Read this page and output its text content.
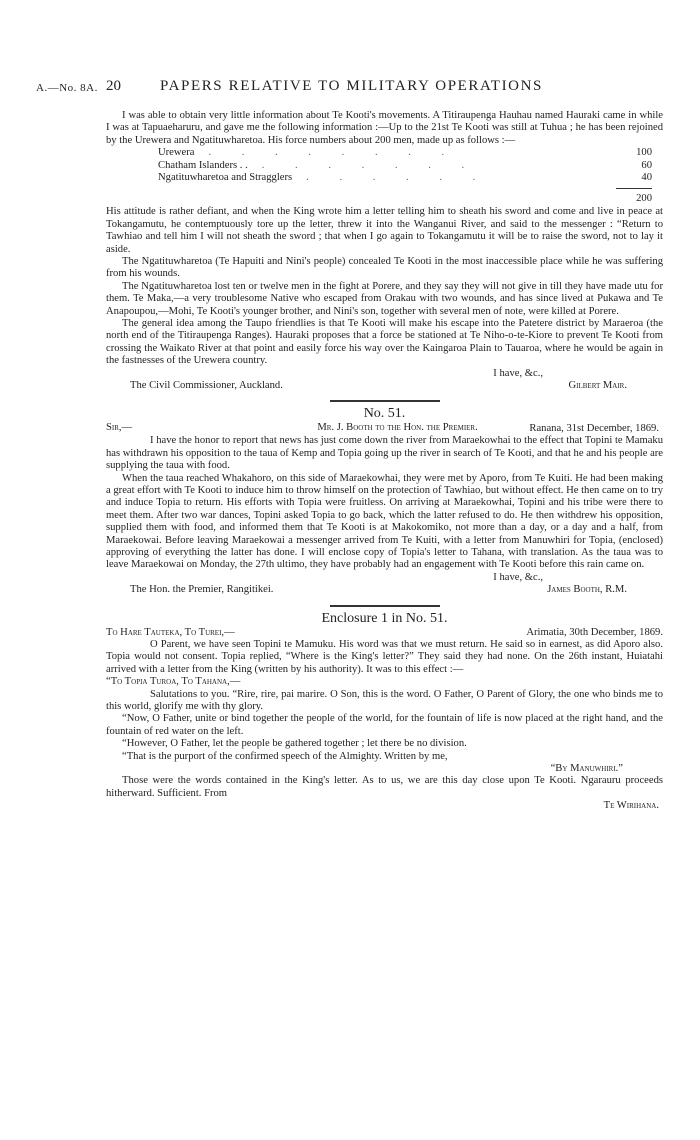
A.—No. 8A. 20	PAPERS RELATIVE TO MILITARY OPERATIONS

I was able to obtain very little information about Te Kooti's movements. A Titiraupenga Hauhau named Hauraki came in while I was at Tapuaeharuru, and gave me the following information :—Up to the 21st Te Kooti was still at Tuhua ; he has been rejoined by the Urewera and Ngatituwharetoa. His force numbers about 200 men, made up as follows :—

Urewera	. . . . . . . .	100
Chatham Islanders . .	. . . . . . .	60
Ngatituwharetoa and Stragglers	. . . . . .	40
200

His attitude is rather defiant, and when the King wrote him a letter telling him to sheath his sword and come and live in peace at Tokangamutu, he contemptuously tore up the letter, threw it into the Wanganui River, and said to the messenger : “Return to Tawhiao and tell him I will not sheath the sword ; that when I go again to Tokangamutu it will be to raise the sword, not to lay it aside.

The Ngatituwharetoa (Te Hapuiti and Nini's people) concealed Te Kooti in the most inaccessible place while he was suffering from his wounds.

The Ngatituwharetoa lost ten or twelve men in the fight at Porere, and they say they will not give in till they have made utu for them. Te Maka,—a very troublesome Native who escaped from Orakau with two wounds, and has since lived at Pukawa and Te Anapoupou,—Mohi, Te Kooti's younger brother, and Nini's son, together with several men of note, were killed at Porere.

The general idea among the Taupo friendlies is that Te Kooti will make his escape into the Patetere district by Maraeroa (the north end of the Titiraupenga Ranges). Hauraki proposes that a force be stationed at Te Niho-o-te-Kiore to prevent Te Kooti from crossing the Waikato River at that point and easily force his way over the Kaingaroa Plain to Tauaroa, where he would be again in the fastnesses of the Urewera country.

I have, &c.,
The Civil Commissioner, Auckland.	Gilbert Mair.
No. 51.
Sir,—	Mr. J. Booth to the Hon. the Premier.	Ranana, 31st December, 1869.

I have the honor to report that news has just come down the river from Maraekowhai to the effect that Topini te Mamaku has withdrawn his opposition to the taua of Kemp and Topia going up the river in search of Te Kooti, and that he and his people are supplying the taua with food.

When the taua reached Whakahoro, on this side of Maraekowhai, they were met by Aporo, from Te Kuiti. He had been making a great effort with Te Kooti to induce him to throw himself on the protection of Tawhiao, but without effect. He then came on to try and induce Topia to return. His efforts with Topia were fruitless. On arriving at Maraekowhai, Topini and his tribe were there to meet them. After two war dances, Topini asked Topia to go back, which the latter refused to do. He then withdrew his opposition, supplied them with food, and informed them that Te Kooti is at Makokomiko, not more than a day, or a day and a half, from Maraekowai. Before leaving Maraekowai a messenger arrived from Te Kuiti, with a letter from Manuwhiri for Topia, (enclosed) approving of everything the latter has done. I will enclose copy of Topia's letter to Tahana, with translation. As the taua was to leave Maraekowai on Monday, the 27th ultimo, they have probably had an engagement with Te Kooti before this rain came on.

I have, &c.,
The Hon. the Premier, Rangitikei.	James Booth, R.M.
Enclosure 1 in No. 51.
To Hare Tauteka, To Turei,—	Arimatia, 30th December, 1869.

O Parent, we have seen Topini te Mamuku. His word was that we must return. He said so in earnest, as did Aporo also. Topia would not consent. Topia replied, “Where is the King's letter?” They said they had none. On the 26th instant, Huiatahi arrived with a letter from the King (written by his authority). It was to this effect :—

“To Topia Turoa, To Tahana,—

Salutations to you. “Rire, rire, pai marire. O Son, this is the word. O Father, O Parent of Glory, the one who binds me to this world, glorify me with thy glory.

“Now, O Father, unite or bind together the people of the world, for the fountain of life is now placed at the right hand, and the fountain of red water on the left.

“However, O Father, let the people be gathered together ; let there be no division.

“That is the purport of the confirmed speech of the Almighty. Written by me,

“By Manuwhiri.”

Those were the words contained in the King's letter. As to us, we are this day close upon Te Kooti. Ngarauru proceeds hitherward. Sufficient. From

Te Wirihana.
